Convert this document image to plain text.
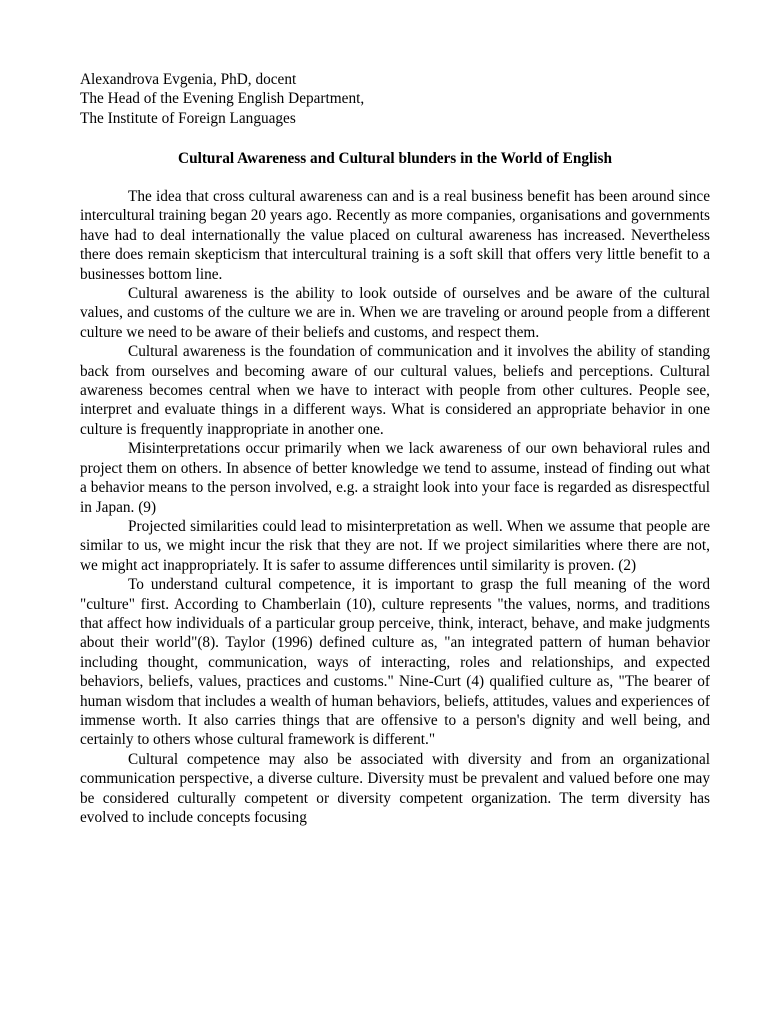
Alexandrova Evgenia, PhD, docent
The Head of the Evening English Department,
The Institute of Foreign Languages
Cultural Awareness and Cultural blunders in the World of English

The idea that cross cultural awareness can and is a real business benefit has been around since intercultural training began 20 years ago. Recently as more companies, organisations and governments have had to deal internationally the value placed on cultural awareness has increased. Nevertheless there does remain skepticism that intercultural training is a soft skill that offers very little benefit to a businesses bottom line.

Cultural awareness is the ability to look outside of ourselves and be aware of the cultural values, and customs of the culture we are in. When we are traveling or around people from a different culture we need to be aware of their beliefs and customs, and respect them.

Cultural awareness is the foundation of communication and it involves the ability of standing back from ourselves and becoming aware of our cultural values, beliefs and perceptions. Cultural awareness becomes central when we have to interact with people from other cultures. People see, interpret and evaluate things in a different ways. What is considered an appropriate behavior in one culture is frequently inappropriate in another one.

Misinterpretations occur primarily when we lack awareness of our own behavioral rules and project them on others. In absence of better knowledge we tend to assume, instead of finding out what a behavior means to the person involved, e.g. a straight look into your face is regarded as disrespectful in Japan. (9)

Projected similarities could lead to misinterpretation as well. When we assume that people are similar to us, we might incur the risk that they are not. If we project similarities where there are not, we might act inappropriately. It is safer to assume differences until similarity is proven. (2)

To understand cultural competence, it is important to grasp the full meaning of the word "culture" first. According to Chamberlain (10), culture represents "the values, norms, and traditions that affect how individuals of a particular group perceive, think, interact, behave, and make judgments about their world"(8). Taylor (1996) defined culture as, "an integrated pattern of human behavior including thought, communication, ways of interacting, roles and relationships, and expected behaviors, beliefs, values, practices and customs." Nine-Curt (4) qualified culture as, "The bearer of human wisdom that includes a wealth of human behaviors, beliefs, attitudes, values and experiences of immense worth. It also carries things that are offensive to a person's dignity and well being, and certainly to others whose cultural framework is different."

Cultural competence may also be associated with diversity and from an organizational communication perspective, a diverse culture. Diversity must be prevalent and valued before one may be considered culturally competent or diversity competent organization. The term diversity has evolved to include concepts focusing
